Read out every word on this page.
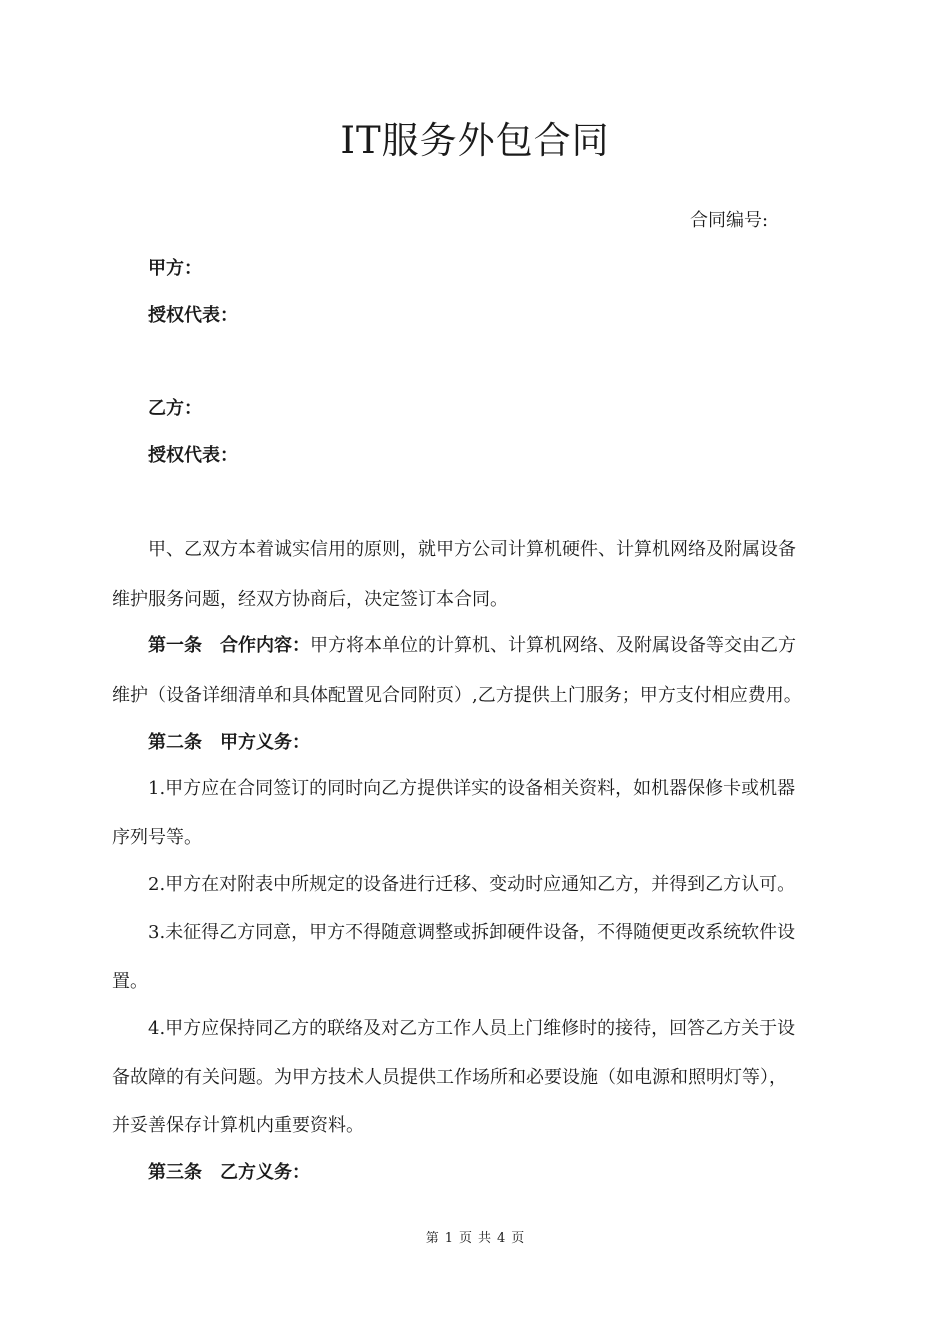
IT服务外包合同
合同编号:
甲方：
授权代表：
乙方：
授权代表：
甲、乙双方本着诚实信用的原则，就甲方公司计算机硬件、计算机网络及附属设备
维护服务问题，经双方协商后，决定签订本合同。
第一条　合作内容：甲方将本单位的计算机、计算机网络、及附属设备等交由乙方
维护（设备详细清单和具体配置见合同附页）,乙方提供上门服务；甲方支付相应费用。
第二条　甲方义务：
1.甲方应在合同签订的同时向乙方提供详实的设备相关资料，如机器保修卡或机器
序列号等。
2.甲方在对附表中所规定的设备进行迁移、变动时应通知乙方，并得到乙方认可。
3.未征得乙方同意，甲方不得随意调整或拆卸硬件设备，不得随便更改系统软件设
置。
4.甲方应保持同乙方的联络及对乙方工作人员上门维修时的接待，回答乙方关于设
备故障的有关问题。为甲方技术人员提供工作场所和必要设施（如电源和照明灯等），
并妥善保存计算机内重要资料。
第三条　乙方义务：
第 1 页 共 4 页
